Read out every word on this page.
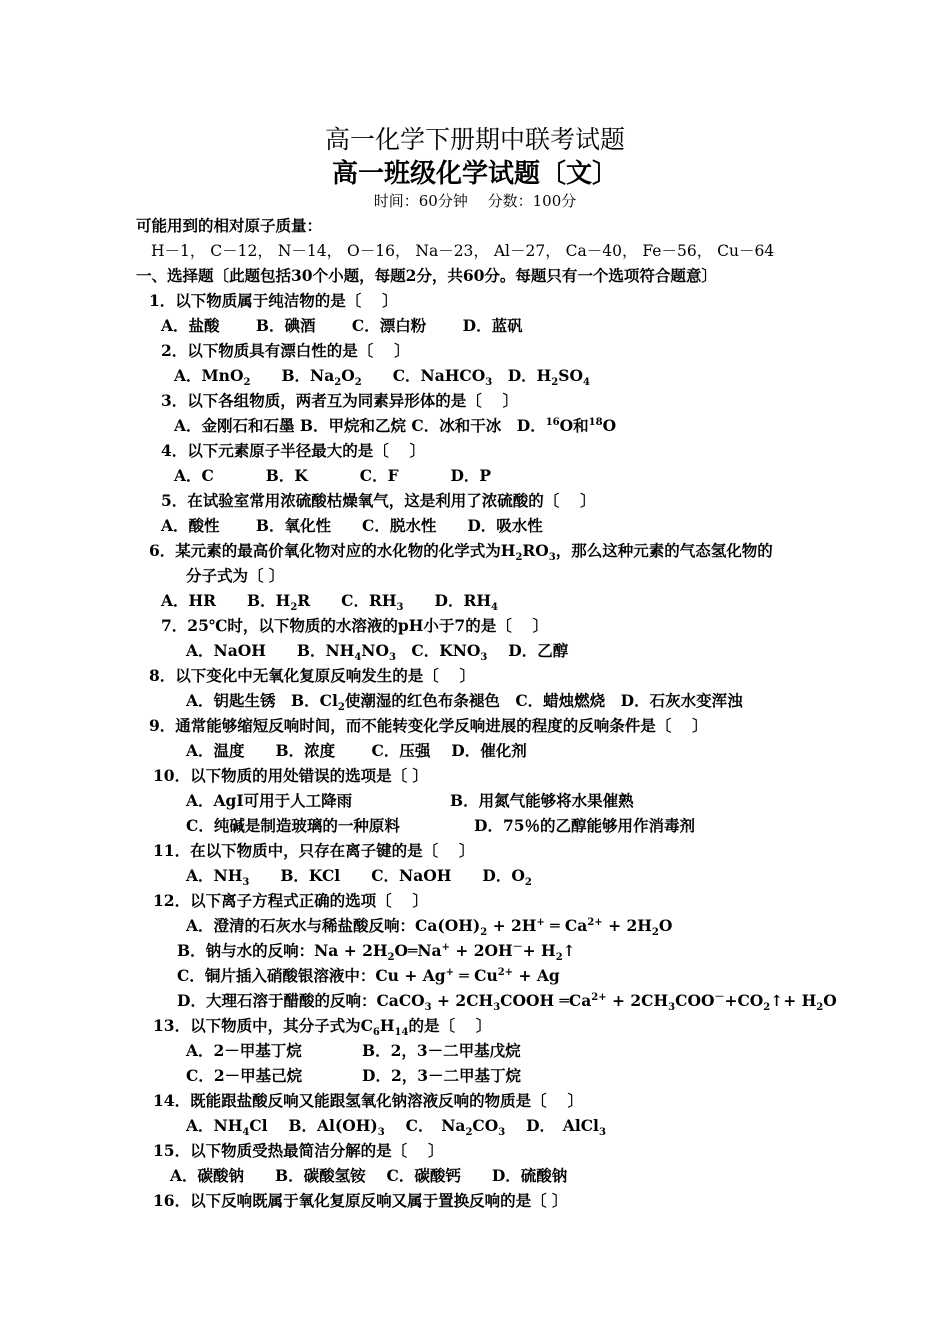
高一化学下册期中联考试题
高一班级化学试题〔文〕
时间：60分钟　 分数：100分
可能用到的相对原子质量：
H－1， C－12， N－14， O－16， Na－23， Al－27， Ca－40， Fe－56， Cu－64
一、选择题〔此题包括30个小题，每题2分，共60分。每题只有一个选项符合题意〕
1．以下物质属于纯洁物的是〔　 〕
A．盐酸　　 B．碘酒　　 C．漂白粉　　 D．蓝矾
2．以下物质具有漂白性的是〔　 〕
A．MnO$_2$　　B．$Na_2O_2$　　C．NaHCO$_3$　D．$H_2SO_4$
3．以下各组物质，两者互为同素异形体的是〔　 〕
A．金刚石和石墨 B．甲烷和乙烷 C．冰和干冰　D．$^{16}$O和$^{18}$O
4．以下元素原子半径最大的是〔　 〕
A．C　　　 B．K　　　 C．F　　　 D．P
5．在试验室常用浓硫酸枯燥氧气，这是利用了浓硫酸的〔　 〕
A．酸性　　 B．氧化性　　C．脱水性　　D．吸水性
6．某元素的最高价氧化物对应的水化物的化学式为$H_2RO_3$，那么这种元素的气态氢化物的
分子式为〔 〕
A．HR　　B．$H_2R$　　C．$RH_3$　　D．$RH_4$
7．25℃时，以下物质的水溶液的pH小于7的是〔　 〕
A．NaOH　　B．$NH_4NO_3$　C．$KNO_3$　 D．乙醇
8．以下变化中无氧化复原反响发生的是〔　 〕
A．钥匙生锈　B．$Cl_2$使潮湿的红色布条褪色　C．蜡烛燃烧　D．石灰水变浑浊
9．通常能够缩短反响时间，而不能转变化学反响进展的程度的反响条件是〔　 〕
A．温度　　B．浓度　　 C．压强　 D．催化剂
10．以下物质的用处错误的选项是〔 〕
A．AgI可用于人工降雨	B．用氮气能够将水果催熟
C．纯碱是制造玻璃的一种原料	D．75％的乙醇能够用作消毒剂
11．在以下物质中，只存在离子键的是〔 　〕
A．$NH_3$　　B．KCl　　C．NaOH　　D．$O_2$
12．以下离子方程式正确的选项〔　 〕
A．澄清的石灰水与稀盐酸反响：$Ca(OH)_2 + 2H^+$ ═ $Ca^{2+} + 2H_2O$
B．钠与水的反响：$Na + 2H_2O═Na^+ + 2OH^-+$ $H_2↑$
C．铜片插入硝酸银溶液中：Cu + Ag+ ═ $Cu^{2+} + Ag$
D．大理石溶于醋酸的反响：CaCO$_3$ + $2CH_3COOH$ $═Ca^{2+}$ + $2CH_3COO^-+CO_2↑+ H_2O$
13．以下物质中，其分子式为$C_6H_{14}$的是〔 　〕
A．2－甲基丁烷	B．2，3－二甲基戊烷
C．2－甲基己烷	D．2，3－二甲基丁烷
14．既能跟盐酸反响又能跟氢氧化钠溶液反响的物质是〔　 〕
A．$NH_4Cl$　 B．$Al(OH)_3$　 C．　$Na_2CO_3$　 D．　AlCl$_3$
15．以下物质受热最简洁分解的是〔　 〕
A．碳酸钠　　B．碳酸氢铵　 C．碳酸钙　　D．硫酸钠
16．以下反响既属于氧化复原反响又属于置换反响的是〔 〕
